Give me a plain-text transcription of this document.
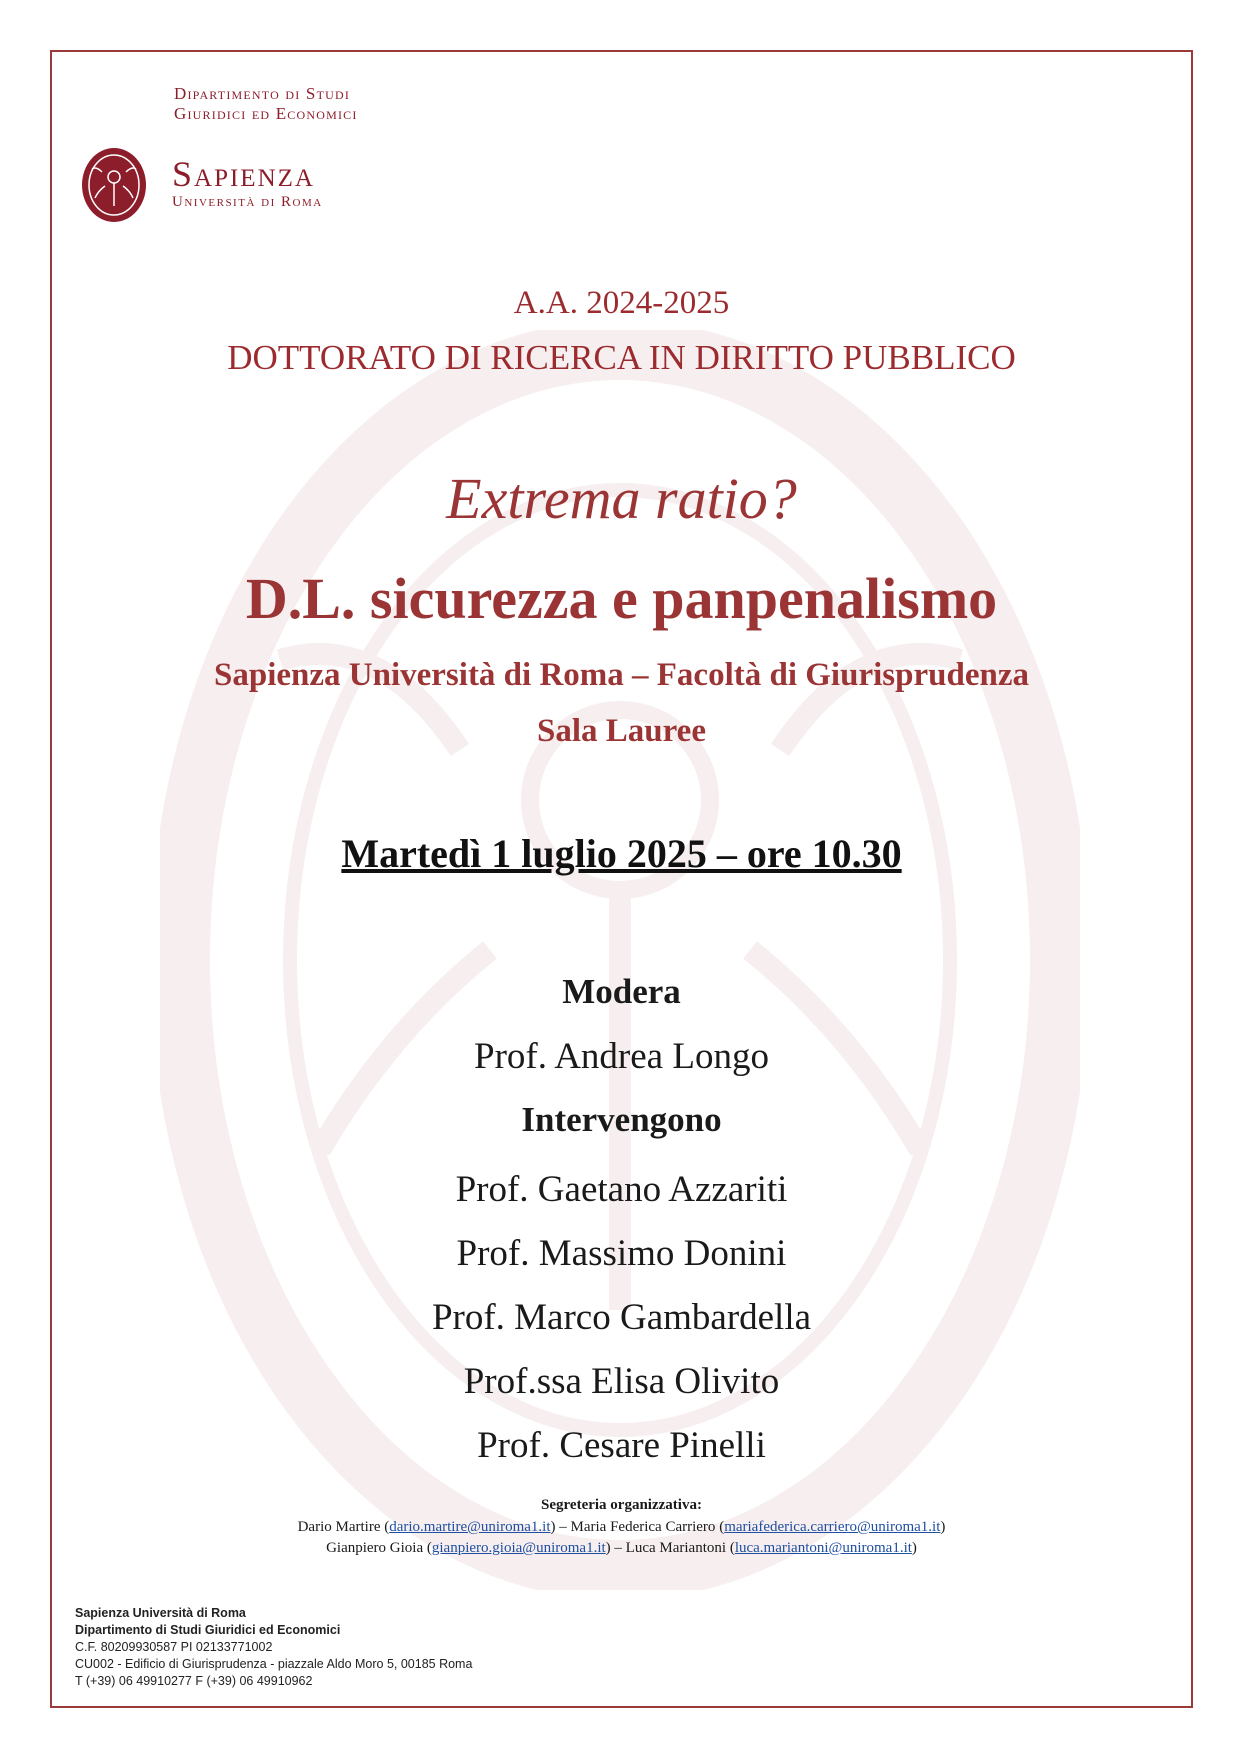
Dipartimento di Studi
Giuridici ed Economici
Sapienza
Università di Roma
A.A. 2024-2025
DOTTORATO DI RICERCA IN DIRITTO PUBBLICO
Extrema ratio?
D.L. sicurezza e panpenalismo
Sapienza Università di Roma – Facoltà di Giurisprudenza
Sala Lauree
Martedì 1 luglio 2025 – ore 10.30
Modera
Prof. Andrea Longo
Intervengono
Prof. Gaetano Azzariti
Prof. Massimo Donini
Prof. Marco Gambardella
Prof.ssa Elisa Olivito
Prof. Cesare Pinelli
Segreteria organizzativa:
Dario Martire (dario.martire@uniroma1.it) – Maria Federica Carriero (mariafederica.carriero@uniroma1.it)
Gianpiero Gioia (gianpiero.gioia@uniroma1.it) – Luca Mariantoni (luca.mariantoni@uniroma1.it)
Sapienza Università di Roma
Dipartimento di Studi Giuridici ed Economici
C.F. 80209930587 PI 02133771002
CU002 - Edificio di Giurisprudenza - piazzale Aldo Moro 5, 00185 Roma
T (+39) 06 49910277 F (+39) 06 49910962
